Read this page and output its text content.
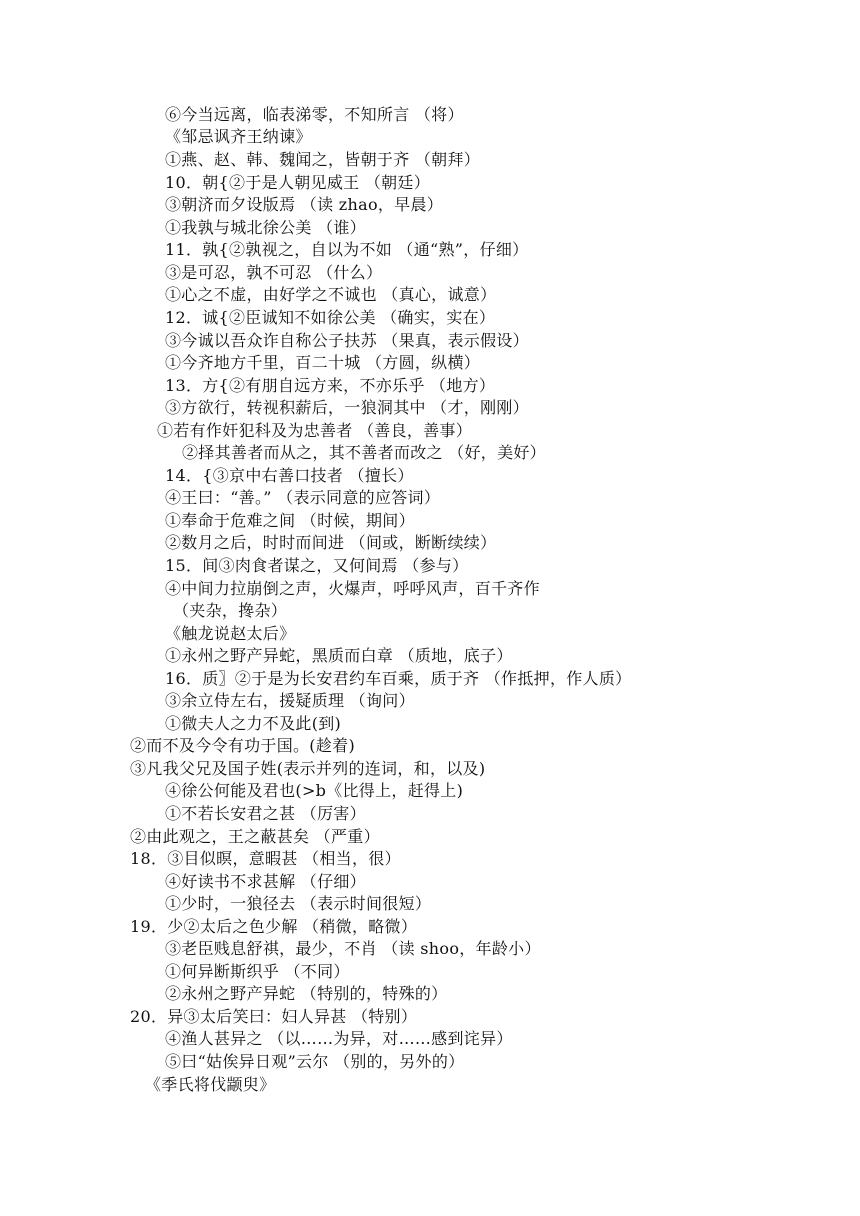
⑥今当远离，临表涕零，不知所言 （将）
《邹忌讽齐王纳谏》
①燕、赵、韩、魏闻之，皆朝于齐 （朝拜）
10．朝{②于是人朝见威王 （朝廷）
③朝济而夕设版焉 （读 zhao，早晨）
①我孰与城北徐公美 （谁）
11．孰{②孰视之，自以为不如 （通“熟”，仔细）
③是可忍，孰不可忍 （什么）
①心之不虚，由好学之不诚也 （真心，诚意）
12．诚{②臣诚知不如徐公美 （确实，实在）
③今诚以吾众诈自称公子扶苏 （果真，表示假设）
①今齐地方千里，百二十城 （方圆，纵横）
13．方{②有朋自远方来，不亦乐乎 （地方）
③方欲行，转视积薪后，一狼洞其中 （才，刚刚）
①若有作奸犯科及为忠善者 （善良，善事）
②择其善者而从之，其不善者而改之 （好，美好）
14．{③京中右善口技者 （擅长）
④王曰：“善。” （表示同意的应答词）
①奉命于危难之间 （时候，期间）
②数月之后，时时而间进 （间或，断断续续）
15．间③肉食者谋之，又何间焉 （参与）
④中间力拉崩倒之声，火爆声，呼呼风声，百千齐作
（夹杂，搀杂）
《触龙说赵太后》
①永州之野产异蛇，黑质而白章 （质地，底子）
16．质〗②于是为长安君约车百乘，质于齐 （作抵押，作人质）
③余立侍左右，援疑质理 （询问）
①微夫人之力不及此(到)
②而不及今令有功于国。(趁着)
③凡我父兄及国子姓(表示并列的连词，和，以及)
④徐公何能及君也(>b《比得上，赶得上)
①不若长安君之甚 （厉害）
②由此观之，王之蔽甚矣 （严重）
18．③目似暝，意暇甚 （相当，很）
④好读书不求甚解 （仔细）
①少时，一狼径去 （表示时间很短）
19．少②太后之色少解 （稍微，略微）
③老臣贱息舒祺，最少，不肖 （读 shoo，年龄小）
①何异断斯织乎 （不同）
②永州之野产异蛇 （特别的，特殊的）
20．异③太后笑曰：妇人异甚 （特别）
④渔人甚异之 （以……为异，对……感到诧异）
⑤曰“姑俟异日观”云尔 （别的，另外的）
《季氏将伐颛臾》
